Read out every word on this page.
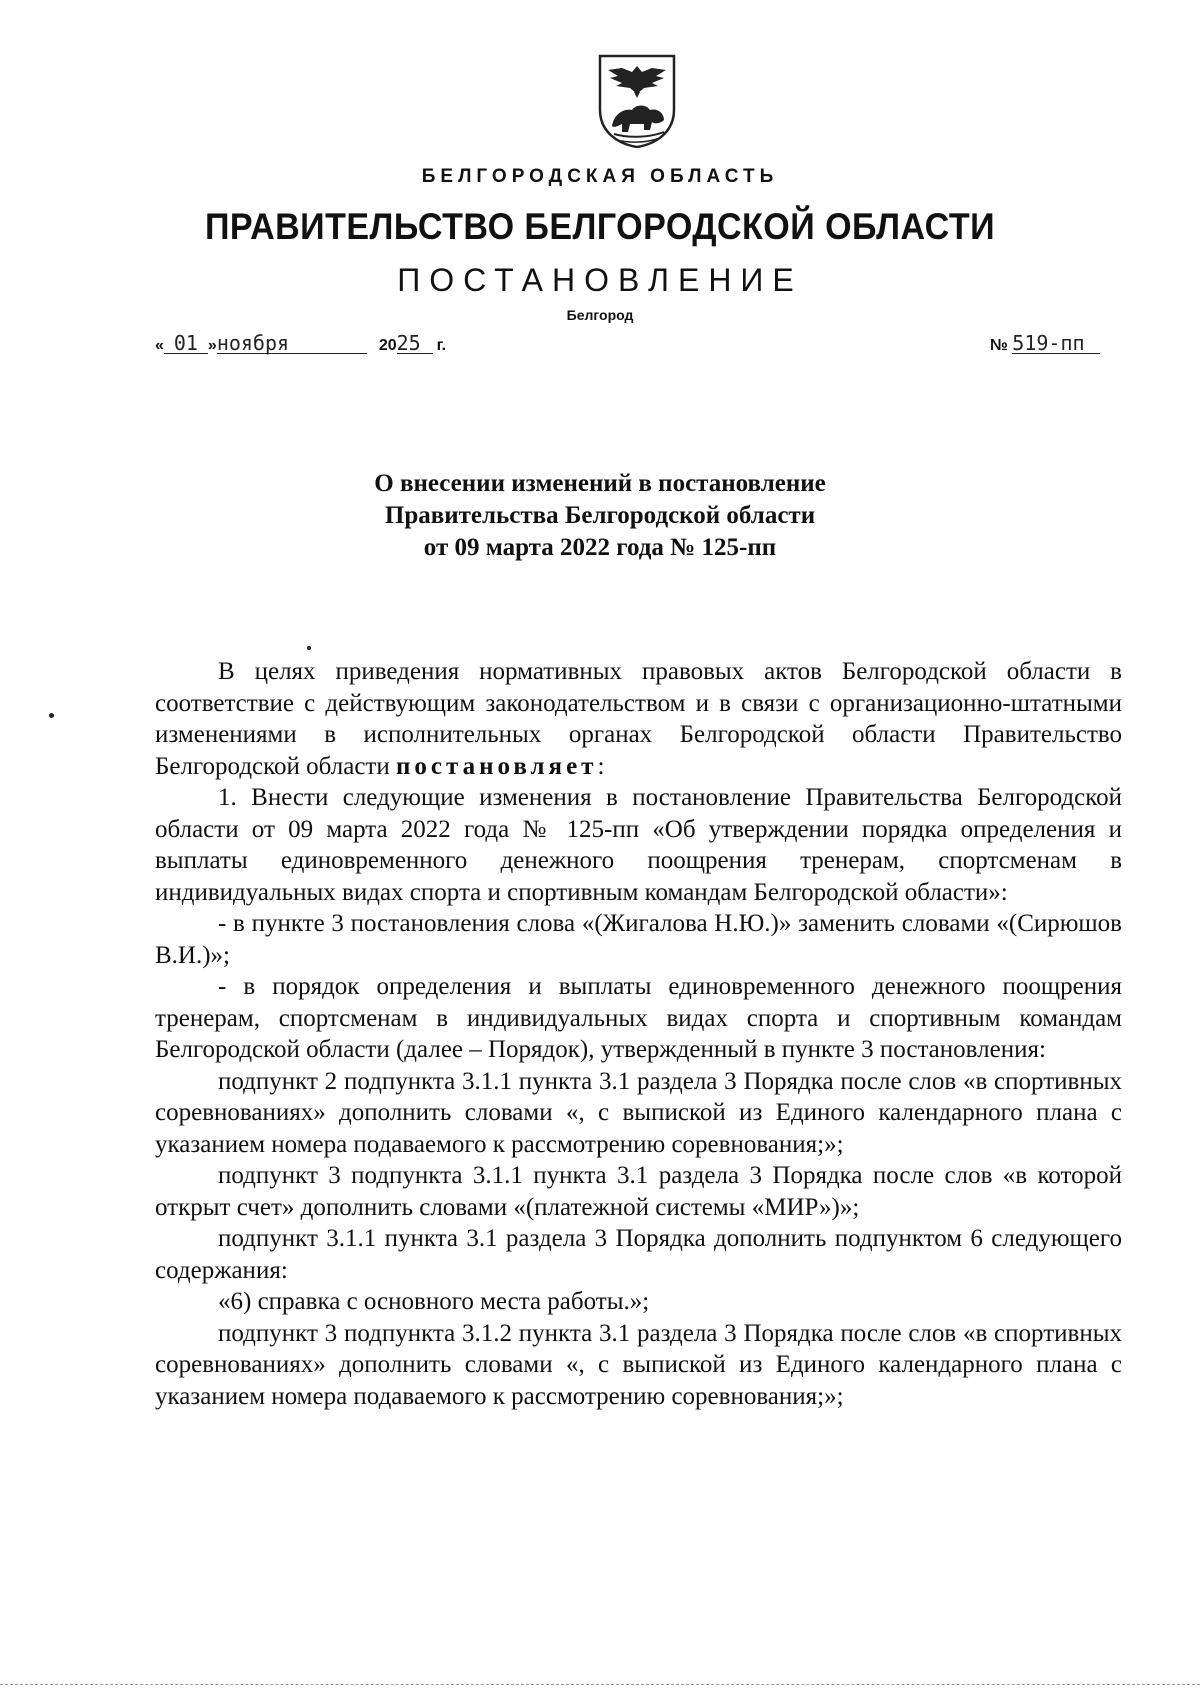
БЕЛГОРОДСКАЯ ОБЛАСТЬ
ПРАВИТЕЛЬСТВО БЕЛГОРОДСКОЙ ОБЛАСТИ
ПОСТАНОВЛЕНИЕ
Белгород
« 01 »ноября	2025 г.	№ 519-пп
О внесении изменений в постановление
Правительства Белгородской области
от 09 марта 2022 года № 125-пп

В целях приведения нормативных правовых актов Белгородской области в соответствие с действующим законодательством и в связи с организационно-штатными изменениями в исполнительных органах Белгородской области Правительство Белгородской области постановляет:

1. Внести следующие изменения в постановление Правительства Белгородской области от 09 марта 2022 года № 125-пп «Об утверждении порядка определения и выплаты единовременного денежного поощрения тренерам, спортсменам в индивидуальных видах спорта и спортивным командам Белгородской области»:

- в пункте 3 постановления слова «(Жигалова Н.Ю.)» заменить словами «(Сирюшов В.И.)»;

- в порядок определения и выплаты единовременного денежного поощрения тренерам, спортсменам в индивидуальных видах спорта и спортивным командам Белгородской области (далее – Порядок), утвержденный в пункте 3 постановления:

подпункт 2 подпункта 3.1.1 пункта 3.1 раздела 3 Порядка после слов «в спортивных соревнованиях» дополнить словами «, с выпиской из Единого календарного плана с указанием номера подаваемого к рассмотрению соревнования;»;

подпункт 3 подпункта 3.1.1 пункта 3.1 раздела 3 Порядка после слов «в которой открыт счет» дополнить словами «(платежной системы «МИР»)»;

подпункт 3.1.1 пункта 3.1 раздела 3 Порядка дополнить подпунктом 6 следующего содержания:

«6) справка с основного места работы.»;

подпункт 3 подпункта 3.1.2 пункта 3.1 раздела 3 Порядка после слов «в спортивных соревнованиях» дополнить словами «, с выпиской из Единого календарного плана с указанием номера подаваемого к рассмотрению соревнования;»;
